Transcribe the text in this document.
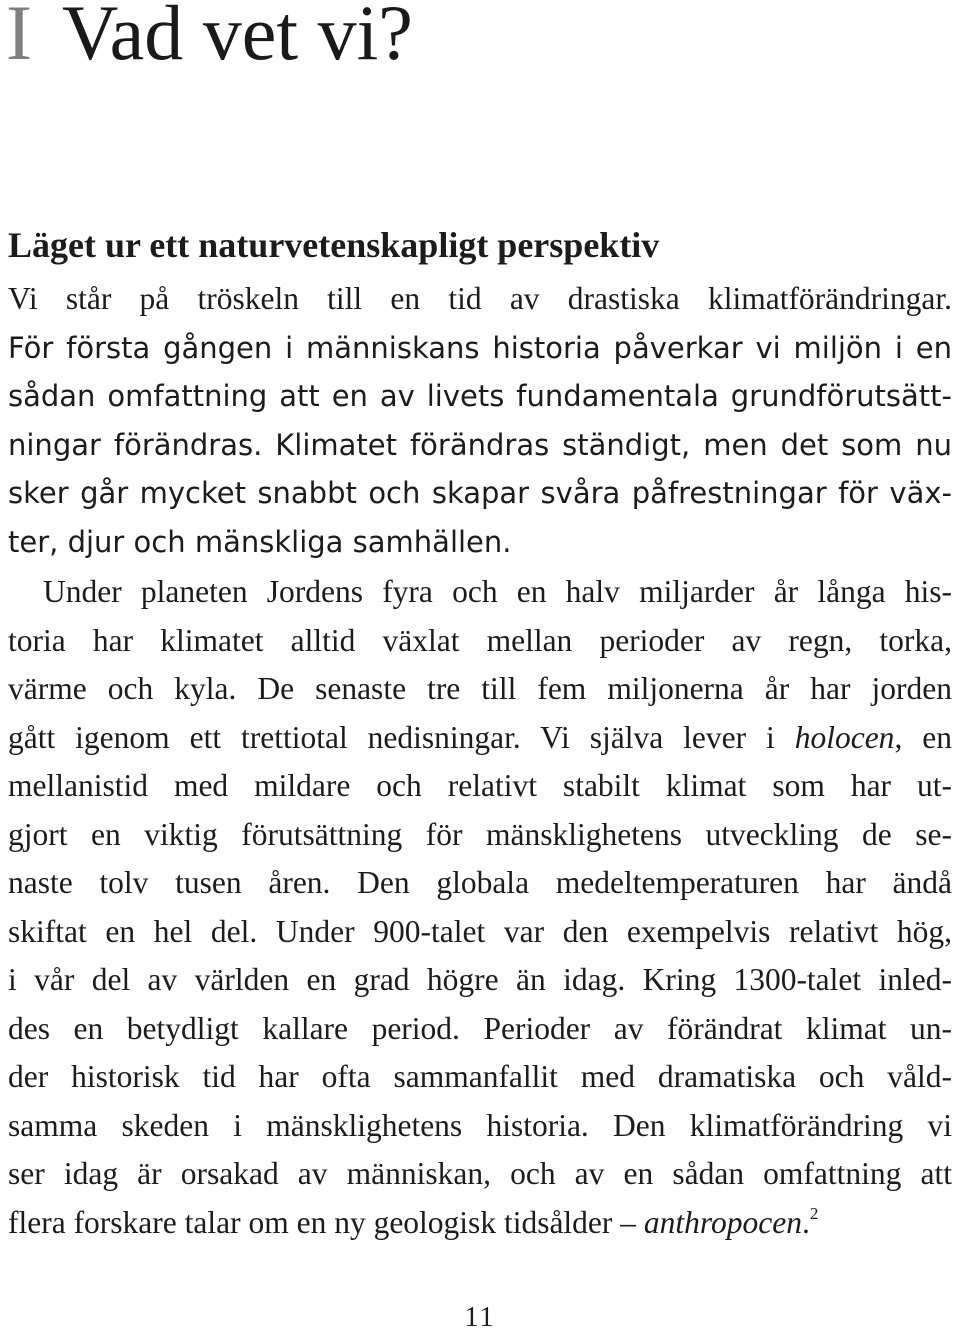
I Vad vet vi?
Läget ur ett naturvetenskapligt perspektiv
Vi står på tröskeln till en tid av drastiska klimatförändringar.
För första gången i människans historia påverkar vi miljön i en
sådan omfattning att en av livets fundamentala grundförutsätt-
ningar förändras. Klimatet förändras ständigt, men det som nu
sker går mycket snabbt och skapar svåra påfrestningar för väx-
ter, djur och mänskliga samhällen.
Under planeten Jordens fyra och en halv miljarder år långa his-
toria har klimatet alltid växlat mellan perioder av regn, torka,
värme och kyla. De senaste tre till fem miljonerna år har jorden
gått igenom ett trettiotal nedisningar. Vi själva lever i holocen, en
mellanistid med mildare och relativt stabilt klimat som har ut-
gjort en viktig förutsättning för mänsklighetens utveckling de se-
naste tolv tusen åren. Den globala medeltemperaturen har ändå
skiftat en hel del. Under 900-talet var den exempelvis relativt hög,
i vår del av världen en grad högre än idag. Kring 1300-talet inled-
des en betydligt kallare period. Perioder av förändrat klimat un-
der historisk tid har ofta sammanfallit med dramatiska och våld-
samma skeden i mänsklighetens historia. Den klimatförändring vi
ser idag är orsakad av människan, och av en sådan omfattning att
flera forskare talar om en ny geologisk tidsålder – anthropocen.$^2$

11
